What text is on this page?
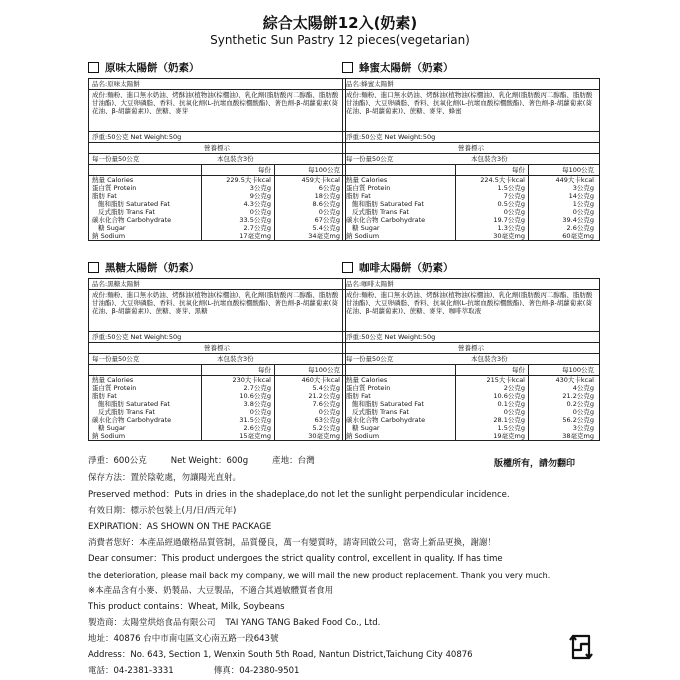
綜合太陽餅12入(奶素)
Synthetic Sun Pastry 12 pieces(vegetarian)
原味太陽餅（奶素）
品名:原味太陽餅
成份:麵粉、進口無水奶油、烤酥油(植物油(棕櫚油)、乳化劑(脂肪酸丙二醇酯、脂肪酸甘油酯)、大豆卵磷脂、香料、抗氧化劑(L-抗壞血酸棕櫚酸酯)、著色劑-β-胡蘿蔔素(葵花油、β-胡蘿蔔素))、蔗糖、麥芽
淨重:50公克 Net Weight:50g
營養標示
每一份量50公克	本包裝含3份
每份	每100公克
熱量 Calories	229.5大卡kcal	459大卡kcal
蛋白質 Protein	3公克g	6公克g
脂肪 Fat	9公克g	18公克g
飽和脂肪 Saturated Fat	4.3公克g	8.6公克g
反式脂肪 Trans Fat	0公克g	0公克g
碳水化合物 Carbohydrate	33.5公克g	67公克g
糖 Sugar	2.7公克g	5.4公克g
鈉 Sodium	17毫克mg	34毫克mg
蜂蜜太陽餅（奶素）
品名:蜂蜜太陽餅
成份:麵粉、進口無水奶油、烤酥油(植物油(棕櫚油)、乳化劑(脂肪酸丙二醇酯、脂肪酸甘油酯)、大豆卵磷脂、香料、抗氧化劑(L-抗壞血酸棕櫚酸酯)、著色劑-β-胡蘿蔔素(葵花油、β-胡蘿蔔素))、蔗糖、麥芽、蜂蜜
淨重:50公克 Net Weight:50g
營養標示
每一份量50公克	本包裝含3份
每份	每100公克
熱量 Calories	224.5大卡kcal	449大卡kcal
蛋白質 Protein	1.5公克g	3公克g
脂肪 Fat	7公克g	14公克g
飽和脂肪 Saturated Fat	0.5公克g	1公克g
反式脂肪 Trans Fat	0公克g	0公克g
碳水化合物 Carbohydrate	19.7公克g	39.4公克g
糖 Sugar	1.3公克g	2.6公克g
鈉 Sodium	30毫克mg	60毫克mg
黑糖太陽餅（奶素）
品名:黑糖太陽餅
成份:麵粉、進口無水奶油、烤酥油(植物油(棕櫚油)、乳化劑(脂肪酸丙二醇酯、脂肪酸甘油酯)、大豆卵磷脂、香料、抗氧化劑(L-抗壞血酸棕櫚酸酯)、著色劑-β-胡蘿蔔素(葵花油、β-胡蘿蔔素))、蔗糖、麥芽、黑糖
淨重:50公克 Net Weight:50g
營養標示
每一份量50公克	本包裝含3份
每份	每100公克
熱量 Calories	230大卡kcal	460大卡kcal
蛋白質 Protein	2.7公克g	5.4公克g
脂肪 Fat	10.6公克g	21.2公克g
飽和脂肪 Saturated Fat	3.8公克g	7.6公克g
反式脂肪 Trans Fat	0公克g	0公克g
碳水化合物 Carbohydrate	31.5公克g	63公克g
糖 Sugar	2.6公克g	5.2公克g
鈉 Sodium	15毫克mg	30毫克mg
咖啡太陽餅（奶素）
品名:咖啡太陽餅
成份:麵粉、進口無水奶油、烤酥油(植物油(棕櫚油)、乳化劑(脂肪酸丙二醇酯、脂肪酸甘油酯)、大豆卵磷脂、香料、抗氧化劑(L-抗壞血酸棕櫚酸酯)、著色劑-β-胡蘿蔔素(葵花油、β-胡蘿蔔素))、蔗糖、麥芽、咖啡萃取液
淨重:50公克 Net Weight:50g
營養標示
每一份量50公克	本包裝含3份
每份	每100公克
熱量 Calories	215大卡kcal	430大卡kcal
蛋白質 Protein	2公克g	4公克g
脂肪 Fat	10.6公克g	21.2公克g
飽和脂肪 Saturated Fat	0.1公克g	0.2公克g
反式脂肪 Trans Fat	0公克g	0公克g
碳水化合物 Carbohydrate	28.1公克g	56.2公克g
糖 Sugar	1.5公克g	3公克g
鈉 Sodium	19毫克mg	38毫克mg
淨重：600公克	Net Weight：600g	產地：台灣	版權所有，請勿翻印
保存方法：置於陰乾處，勿讓陽光直射。
Preserved method：Puts in dries in the shadeplace,do not let the sunlight perpendicular incidence.
有效日期：標示於包裝上(月/日/西元年)
EXPIRATION：AS SHOWN ON THE PACKAGE
消費者您好：本產品經過嚴格品質管制，品質優良，萬一有變質時，請寄回啟公司，當寄上新品更換，謝謝！
Dear consumer：This product undergoes the strict quality control, excellent in quality. If has time
the deterioration, please mail back my company, we will mail the new product replacement. Thank you very much.
※本產品含有小麥、奶製品、大豆製品，不適合其過敏體質者食用
This product contains：Wheat, Milk, Soybeans
製造商：太陽堂烘焙食品有限公司 TAI YANG TANG Baked Food Co., Ltd.
地址：40876 台中市南屯區文心南五路一段643號
Address：No. 643, Section 1, Wenxin South 5th Road, Nantun District,Taichung City 40876
電話：04-2381-3331	傳真：04-2380-9501
